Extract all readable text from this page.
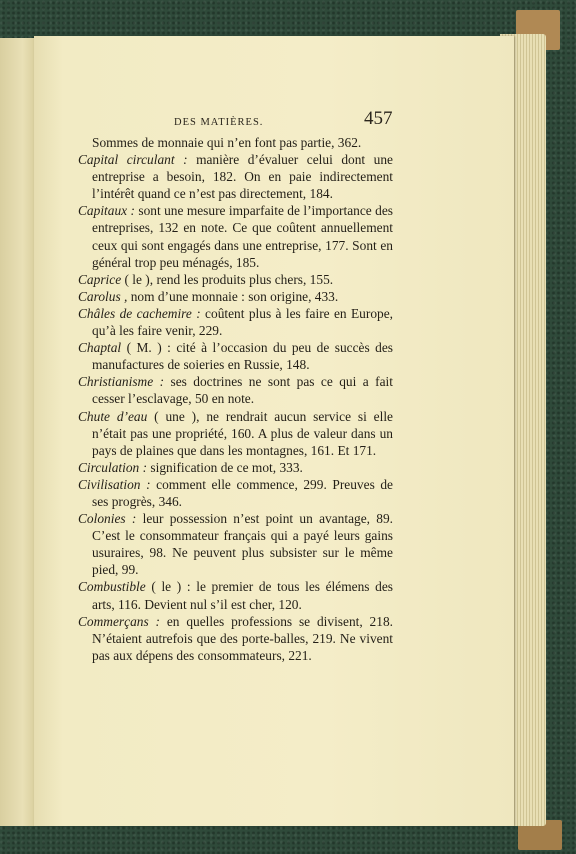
DES MATIÈRES.	457

Sommes de monnaie qui n’en font pas partie, 362.

Capital circulant : manière d’évaluer celui dont une entreprise a besoin, 182. On en paie indirectement l’intérêt quand ce n’est pas directement, 184.

Capitaux : sont une mesure imparfaite de l’importance des entreprises, 132 en note. Ce que coûtent annuellement ceux qui sont engagés dans une entreprise, 177. Sont en général trop peu ménagés, 185.

Caprice ( le ), rend les produits plus chers, 155.

Carolus , nom d’une monnaie : son origine, 433.

Châles de cachemire : coûtent plus à les faire en Europe, qu’à les faire venir, 229.

Chaptal ( M. ) : cité à l’occasion du peu de succès des manufactures de soieries en Russie, 148.

Christianisme : ses doctrines ne sont pas ce qui a fait cesser l’esclavage, 50 en note.

Chute d’eau ( une ), ne rendrait aucun service si elle n’était pas une propriété, 160. A plus de valeur dans un pays de plaines que dans les montagnes, 161. Et 171.

Circulation : signification de ce mot, 333.

Civilisation : comment elle commence, 299. Preuves de ses progrès, 346.

Colonies : leur possession n’est point un avantage, 89. C’est le consommateur français qui a payé leurs gains usuraires, 98. Ne peuvent plus subsister sur le même pied, 99.

Combustible ( le ) : le premier de tous les élémens des arts, 116. Devient nul s’il est cher, 120.

Commerçans : en quelles professions se divisent, 218. N’étaient autrefois que des porte-balles, 219. Ne vivent pas aux dépens des consommateurs, 221.
